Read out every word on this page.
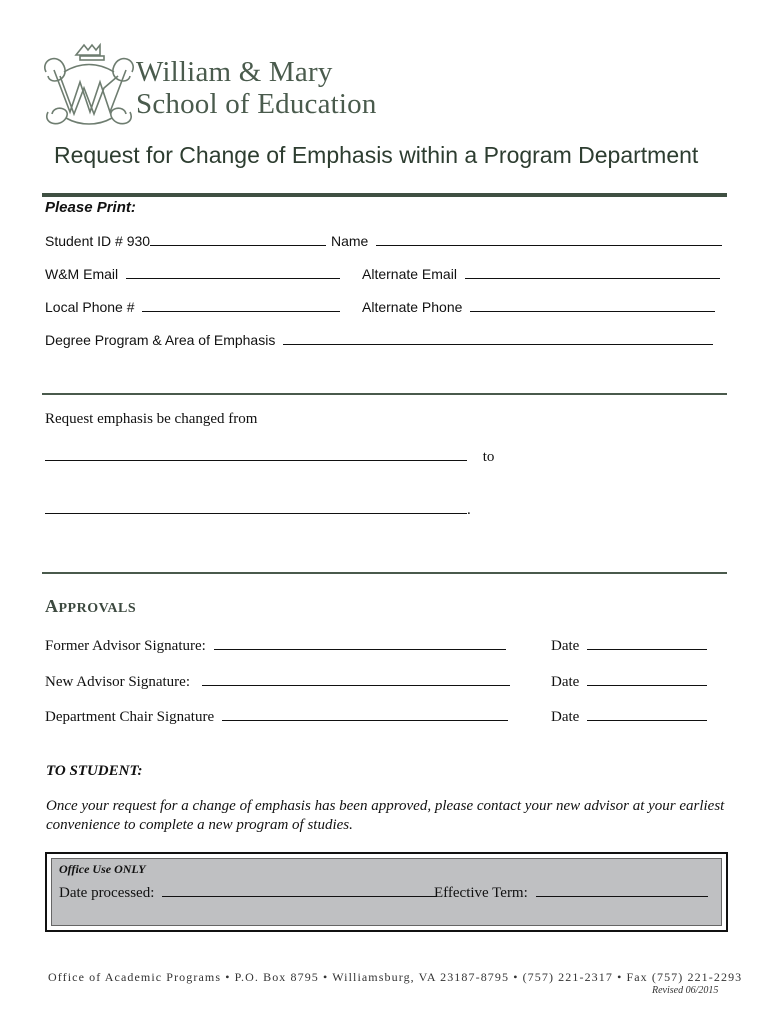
William & Mary
School of Education
Request for Change of Emphasis within a Program Department
Please Print:
Student ID # 930	Name
W&M Email	Alternate Email
Local Phone #	Alternate Phone
Degree Program & Area of Emphasis
Request emphasis be changed from
to
.
APPROVALS
Former Advisor Signature:	Date
New Advisor Signature:	Date
Department Chair Signature	Date
TO STUDENT:
Once your request for a change of emphasis has been approved, please contact your new advisor at your earliest convenience to complete a new program of studies.
Office Use ONLY
Date processed:	Effective Term:
Office of Academic Programs • P.O. Box 8795 • Williamsburg, VA 23187-8795 • (757) 221-2317 • Fax (757) 221-2293
Revised 06/2015
